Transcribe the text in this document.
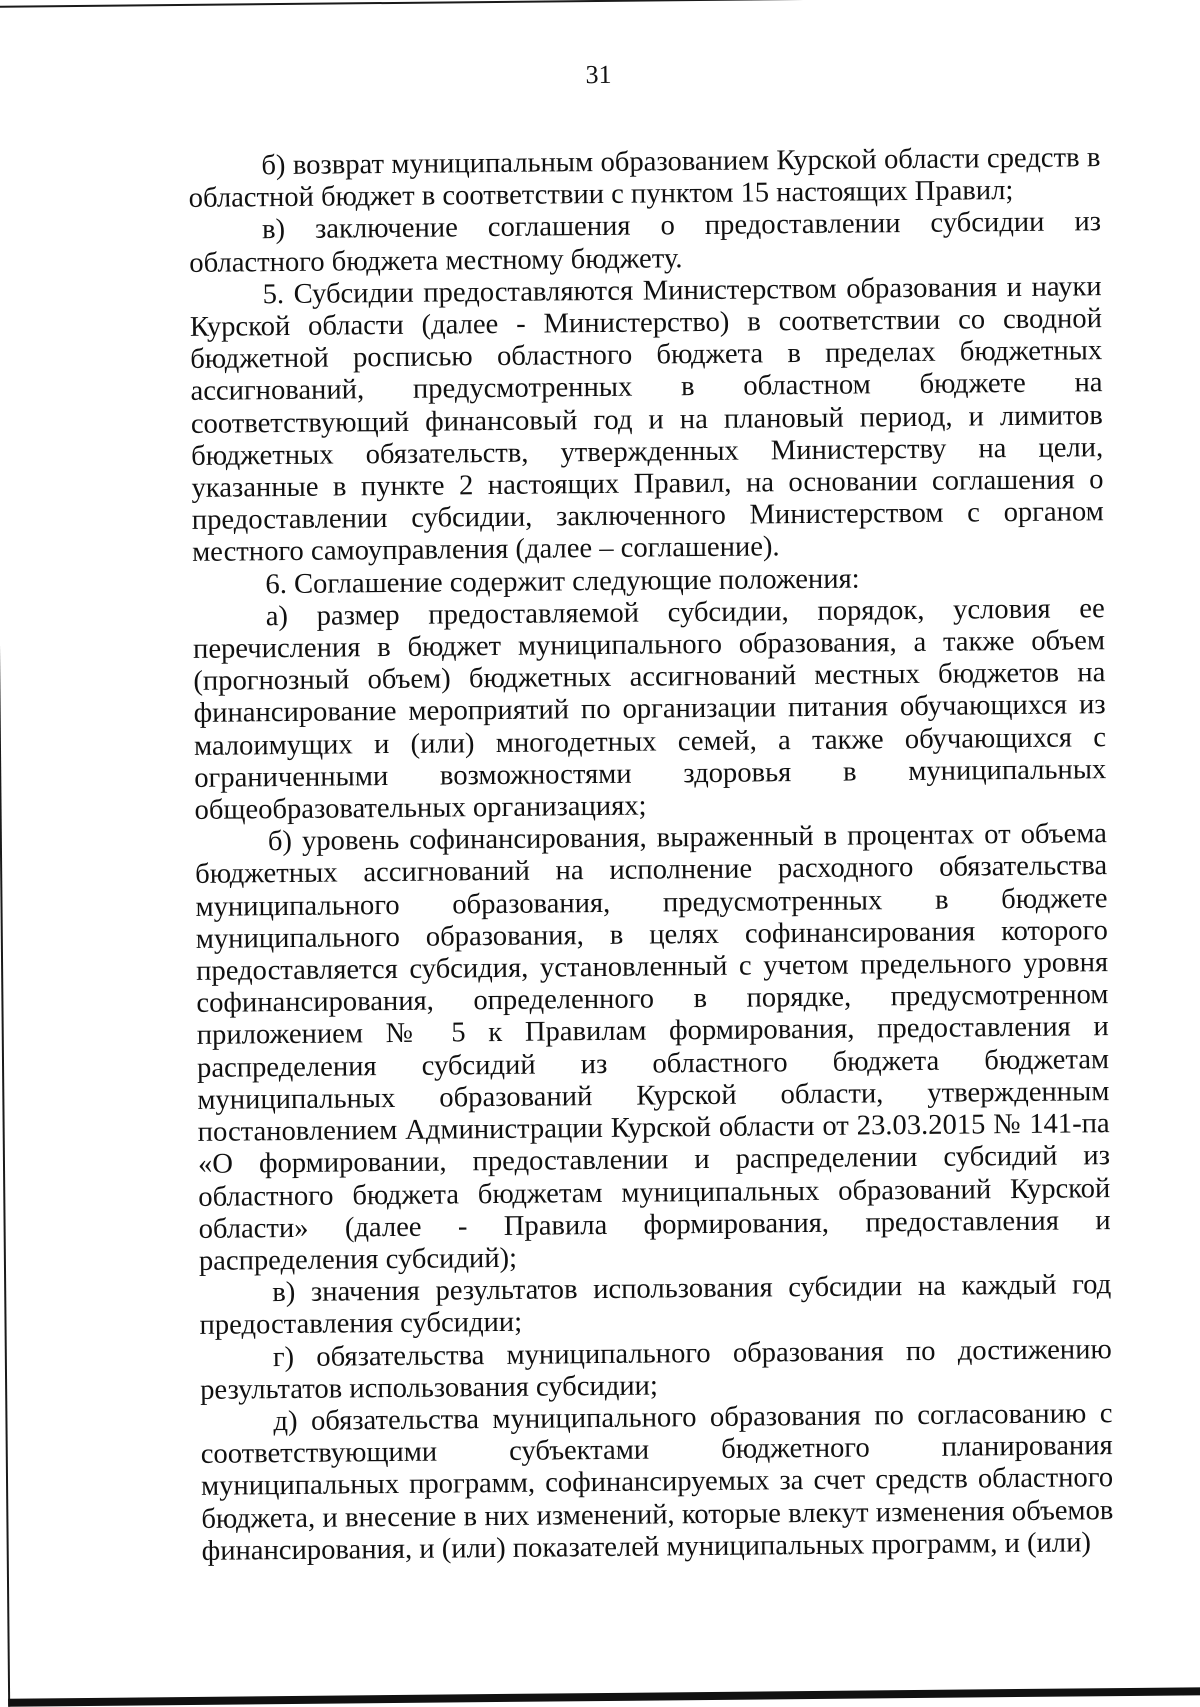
31

б) возврат муниципальным образованием Курской области средств в областной бюджет в соответствии с пунктом 15 настоящих Правил;

в) заключение соглашения о предоставлении субсидии из областного бюджета местному бюджету.

5. Субсидии предоставляются Министерством образования и науки Курской области (далее - Министерство) в соответствии со сводной бюджетной росписью областного бюджета в пределах бюджетных ассигнований, предусмотренных в областном бюджете на соответствующий финансовый год и на плановый период, и лимитов бюджетных обязательств, утвержденных Министерству на цели, указанные в пункте 2 настоящих Правил, на основании соглашения о предоставлении субсидии, заключенного Министерством с органом местного самоуправления (далее – соглашение).

6. Соглашение содержит следующие положения:

а) размер предоставляемой субсидии, порядок, условия ее перечисления в бюджет муниципального образования, а также объем (прогнозный объем) бюджетных ассигнований местных бюджетов на финансирование мероприятий по организации питания обучающихся из малоимущих и (или) многодетных семей, а также обучающихся с ограниченными возможностями здоровья в муниципальных общеобразовательных организациях;

б) уровень софинансирования, выраженный в процентах от объема бюджетных ассигнований на исполнение расходного обязательства муниципального образования, предусмотренных в бюджете муниципального образования, в целях софинансирования которого предоставляется субсидия, установленный с учетом предельного уровня софинансирования, определенного в порядке, предусмотренном приложением № 5 к Правилам формирования, предоставления и распределения субсидий из областного бюджета бюджетам муниципальных образований Курской области, утвержденным постановлением Администрации Курской области от 23.03.2015 № 141-па «О формировании, предоставлении и распределении субсидий из областного бюджета бюджетам муниципальных образований Курской области» (далее - Правила формирования, предоставления и распределения субсидий);

в) значения результатов использования субсидии на каждый год предоставления субсидии;

г) обязательства муниципального образования по достижению результатов использования субсидии;

д) обязательства муниципального образования по согласованию с соответствующими субъектами бюджетного планирования муниципальных программ, софинансируемых за счет средств областного бюджета, и внесение в них изменений, которые влекут изменения объемов финансирования, и (или) показателей муниципальных программ, и (или)
